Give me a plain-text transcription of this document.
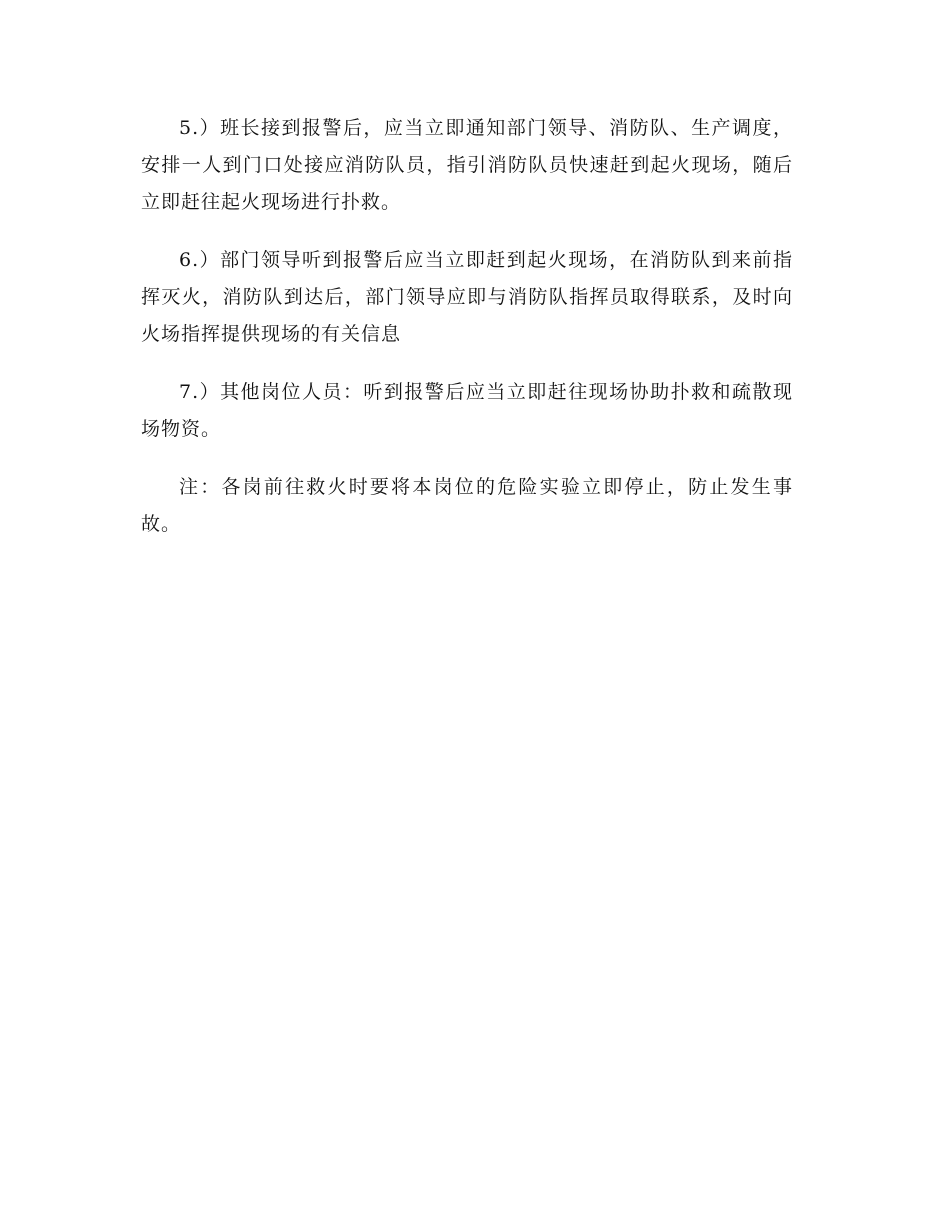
5.）班长接到报警后，应当立即通知部门领导、消防队、生产调度，安排一人到门口处接应消防队员，指引消防队员快速赶到起火现场，随后立即赶往起火现场进行扑救。

6.）部门领导听到报警后应当立即赶到起火现场，在消防队到来前指挥灭火，消防队到达后，部门领导应即与消防队指挥员取得联系，及时向火场指挥提供现场的有关信息

7.）其他岗位人员：听到报警后应当立即赶往现场协助扑救和疏散现场物资。

注：各岗前往救火时要将本岗位的危险实验立即停止，防止发生事故。
